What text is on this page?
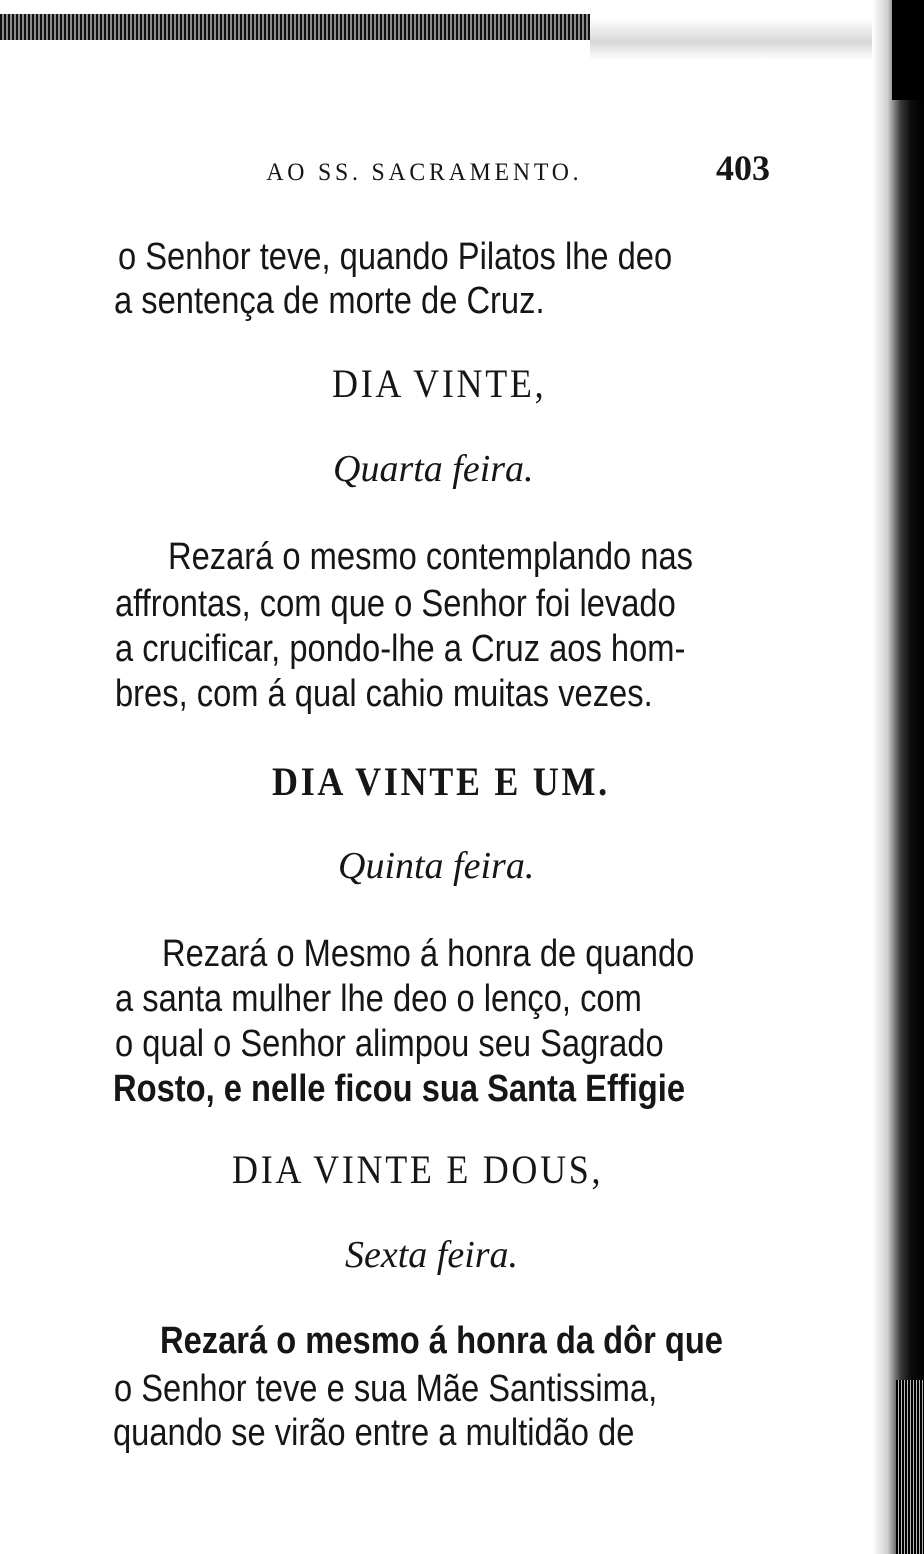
AO SS. SACRAMENTO.	403

o Senhor teve, quando Pilatos lhe deo

a sentença de morte de Cruz.

DIA VINTE,

Quarta feira.

Rezará o mesmo contemplando nas

affrontas, com que o Senhor foi levado

a crucificar, pondo-lhe a Cruz aos hom-

bres, com á qual cahio muitas vezes.

DIA VINTE E UM.

Quinta feira.

Rezará o Mesmo á honra de quando

a santa mulher lhe deo o lenço, com

o qual o Senhor alimpou seu Sagrado

Rosto, e nelle ficou sua Santa Effigie

DIA VINTE E DOUS,

Sexta feira.

Rezará o mesmo á honra da dôr que

o Senhor teve e sua Mãe Santissima,

quando se virão entre a multidão de
